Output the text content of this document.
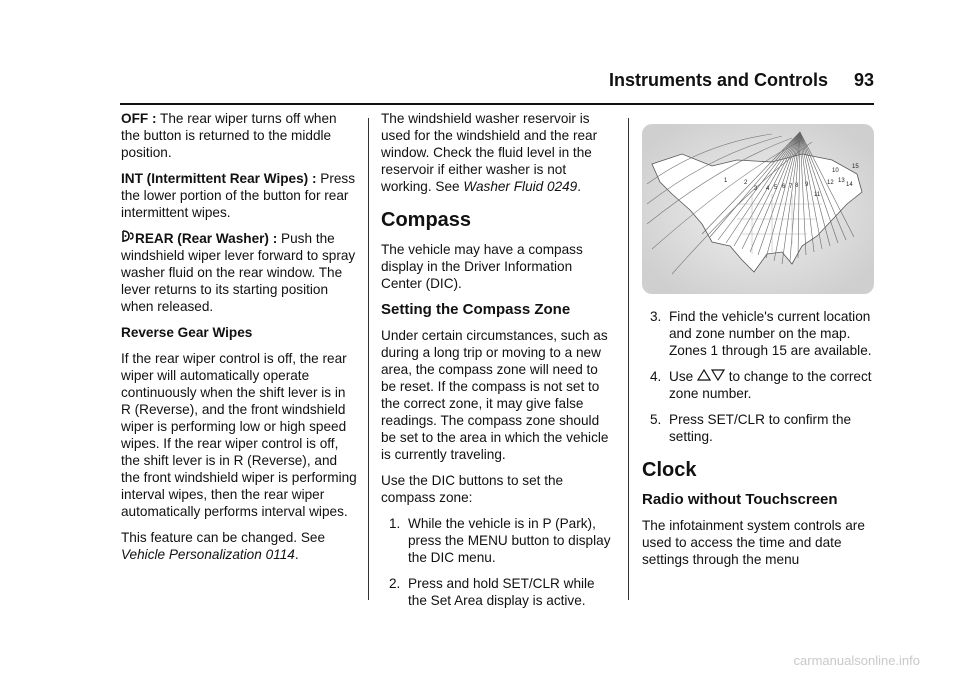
Instruments and Controls 93

OFF : The rear wiper turns off when the button is returned to the middle position.

INT (Intermittent Rear Wipes) : Press the lower portion of the button for rear intermittent wipes.

REAR (Rear Washer) : Push the windshield wiper lever forward to spray washer fluid on the rear window. The lever returns to its starting position when released.

Reverse Gear Wipes

If the rear wiper control is off, the rear wiper will automatically operate continuously when the shift lever is in R (Reverse), and the front windshield wiper is performing low or high speed wipes. If the rear wiper control is off, the shift lever is in R (Reverse), and the front windshield wiper is performing interval wipes, then the rear wiper automatically performs interval wipes.

This feature can be changed. See
Vehicle Personalization 0114.

The windshield washer reservoir is used for the windshield and the rear window. Check the fluid level in the reservoir if either washer is not working. See Washer Fluid 0249.

Compass

The vehicle may have a compass display in the Driver Information Center (DIC).

Setting the Compass Zone

Under certain circumstances, such as during a long trip or moving to a new area, the compass zone will need to be reset. If the compass is not set to the correct zone, it may give false readings. The compass zone should be set to the area in which the vehicle is currently traveling.

Use the DIC buttons to set the compass zone:

1. While the vehicle is in P (Park), press the MENU button to display the DIC menu.
2. Press and hold SET/CLR while the Set Area display is active.
1	2
3 4 5 6 7 8 9
10
11
12 13
14
15
3. Find the vehicle's current location and zone number on the map. Zones 1 through 15 are available.
4. Use	to change to the correct zone number.
5. Press SET/CLR to confirm the setting.
Clock
Radio without Touchscreen

The infotainment system controls are used to access the time and date settings through the menu

carmanualsonline.info
